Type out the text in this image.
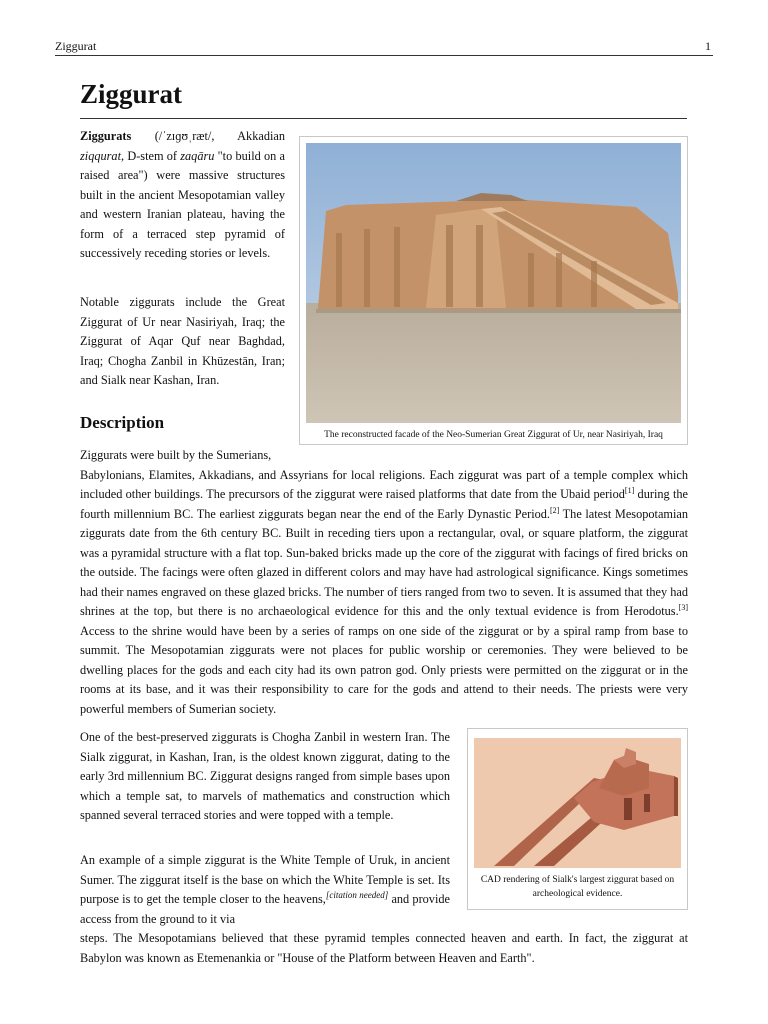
Ziggurat	1
Ziggurat

Ziggurats (/ˈzɪɡʊˌræt/, Akkadian ziqqurat, D-stem of zaqāru "to build on a raised area") were massive structures built in the ancient Mesopotamian valley and western Iranian plateau, having the form of a terraced step pyramid of successively receding stories or levels.

Notable ziggurats include the Great Ziggurat of Ur near Nasiriyah, Iraq; the Ziggurat of Aqar Quf near Baghdad, Iraq; Chogha Zanbil in Khūzestān, Iran; and Sialk near Kashan, Iran.

The reconstructed facade of the Neo-Sumerian Great Ziggurat of Ur, near Nasiriyah, Iraq
Description

Ziggurats were built by the Sumerians,
Babylonians, Elamites, Akkadians, and Assyrians for local religions. Each ziggurat was part of a temple complex which included other buildings. The precursors of the ziggurat were raised platforms that date from the Ubaid period[1] during the fourth millennium BC. The earliest ziggurats began near the end of the Early Dynastic Period.[2] The latest Mesopotamian ziggurats date from the 6th century BC. Built in receding tiers upon a rectangular, oval, or square platform, the ziggurat was a pyramidal structure with a flat top. Sun-baked bricks made up the core of the ziggurat with facings of fired bricks on the outside. The facings were often glazed in different colors and may have had astrological significance. Kings sometimes had their names engraved on these glazed bricks. The number of tiers ranged from two to seven. It is assumed that they had shrines at the top, but there is no archaeological evidence for this and the only textual evidence is from Herodotus.[3] Access to the shrine would have been by a series of ramps on one side of the ziggurat or by a spiral ramp from base to summit. The Mesopotamian ziggurats were not places for public worship or ceremonies. They were believed to be dwelling places for the gods and each city had its own patron god. Only priests were permitted on the ziggurat or in the rooms at its base, and it was their responsibility to care for the gods and attend to their needs. The priests were very powerful members of Sumerian society.

One of the best-preserved ziggurats is Chogha Zanbil in western Iran. The Sialk ziggurat, in Kashan, Iran, is the oldest known ziggurat, dating to the early 3rd millennium BC. Ziggurat designs ranged from simple bases upon which a temple sat, to marvels of mathematics and construction which spanned several terraced stories and were topped with a temple.

An example of a simple ziggurat is the White Temple of Uruk, in ancient Sumer. The ziggurat itself is the base on which the White Temple is set. Its purpose is to get the temple closer to the heavens,[citation needed] and provide access from the ground to it via
steps. The Mesopotamians believed that these pyramid temples connected heaven and earth. In fact, the ziggurat at Babylon was known as Etemenankia or "House of the Platform between Heaven and Earth".

CAD rendering of Sialk's largest ziggurat based on archeological evidence.
